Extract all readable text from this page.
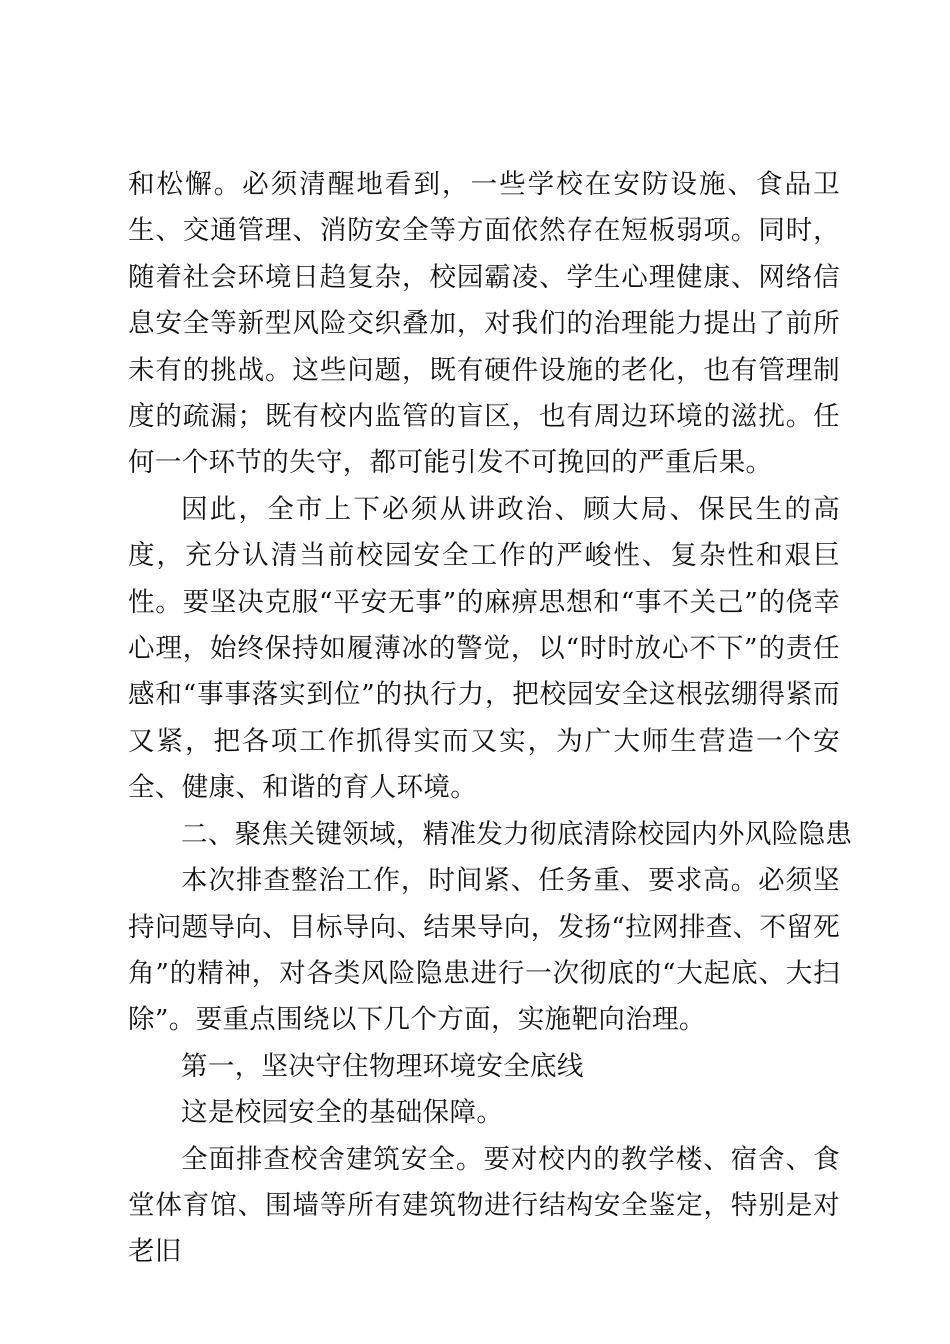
和松懈。必须清醒地看到，一些学校在安防设施、食品卫生、交通管理、消防安全等方面依然存在短板弱项。同时，随着社会环境日趋复杂，校园霸凌、学生心理健康、网络信息安全等新型风险交织叠加，对我们的治理能力提出了前所未有的挑战。这些问题，既有硬件设施的老化，也有管理制度的疏漏；既有校内监管的盲区，也有周边环境的滋扰。任何一个环节的失守，都可能引发不可挽回的严重后果。

因此，全市上下必须从讲政治、顾大局、保民生的高度，充分认清当前校园安全工作的严峻性、复杂性和艰巨性。要坚决克服“平安无事”的麻痹思想和“事不关己”的侥幸心理，始终保持如履薄冰的警觉，以“时时放心不下”的责任感和“事事落实到位”的执行力，把校园安全这根弦绷得紧而又紧，把各项工作抓得实而又实，为广大师生营造一个安全、健康、和谐的育人环境。

二、聚焦关键领域，精准发力彻底清除校园内外风险隐患

本次排查整治工作，时间紧、任务重、要求高。必须坚持问题导向、目标导向、结果导向，发扬“拉网排查、不留死角”的精神，对各类风险隐患进行一次彻底的“大起底、大扫除”。要重点围绕以下几个方面，实施靶向治理。

第一，坚决守住物理环境安全底线

这是校园安全的基础保障。

全面排查校舍建筑安全。要对校内的教学楼、宿舍、食堂体育馆、围墙等所有建筑物进行结构安全鉴定，特别是对老旧
